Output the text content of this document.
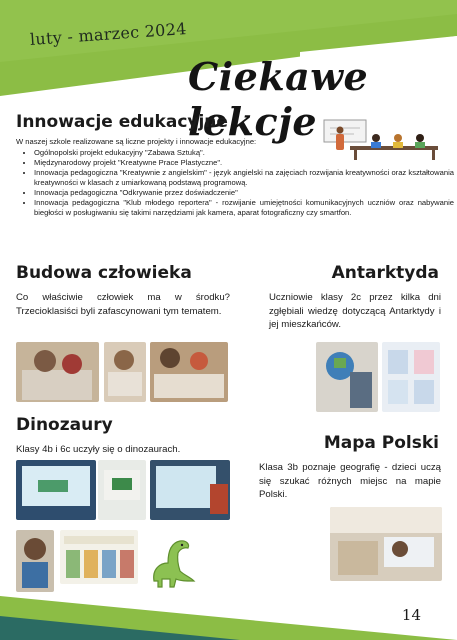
luty - marzec 2024
Ciekawe lekcje
Innowacje edukacyjne
W naszej szkole realizowane są liczne projekty i innowacje edukacyjne:
• Ogólnopolski projekt edukacyjny "Zabawa Sztuką".
• Międzynarodowy projekt "Kreatywne Prace Plastyczne".
• Innowacja pedagogiczna "Kreatywnie z angielskim" - język angielski na zajęciach rozwijania kreatywności oraz kształtowania kreatywności w klasach z umiarkowaną podstawą programową.
• Innowacja pedagogiczna "Odkrywanie przez doświadczenie"
• Innowacja pedagogiczna "Klub młodego reportera" - rozwijanie umiejętności komunikacyjnych uczniów oraz nabywanie biegłości w posługiwaniu się takimi narzędziami jak kamera, aparat fotograficzny czy smartfon.
Budowa człowieka
Co właściwie człowiek ma w środku? Trzecioklasiści byli zafascynowani tym tematem.
Antarktyda
Uczniowie klasy 2c przez kilka dni zgłębiali wiedzę dotyczącą Antarktydy i jej mieszkańców.
Dinozaury
Klasy 4b i 6c uczyły się o dinozaurach.	Mapa Polski
Klasa 3b poznaje geografię - dzieci uczą się szukać różnych miejsc na mapie Polski.
14
